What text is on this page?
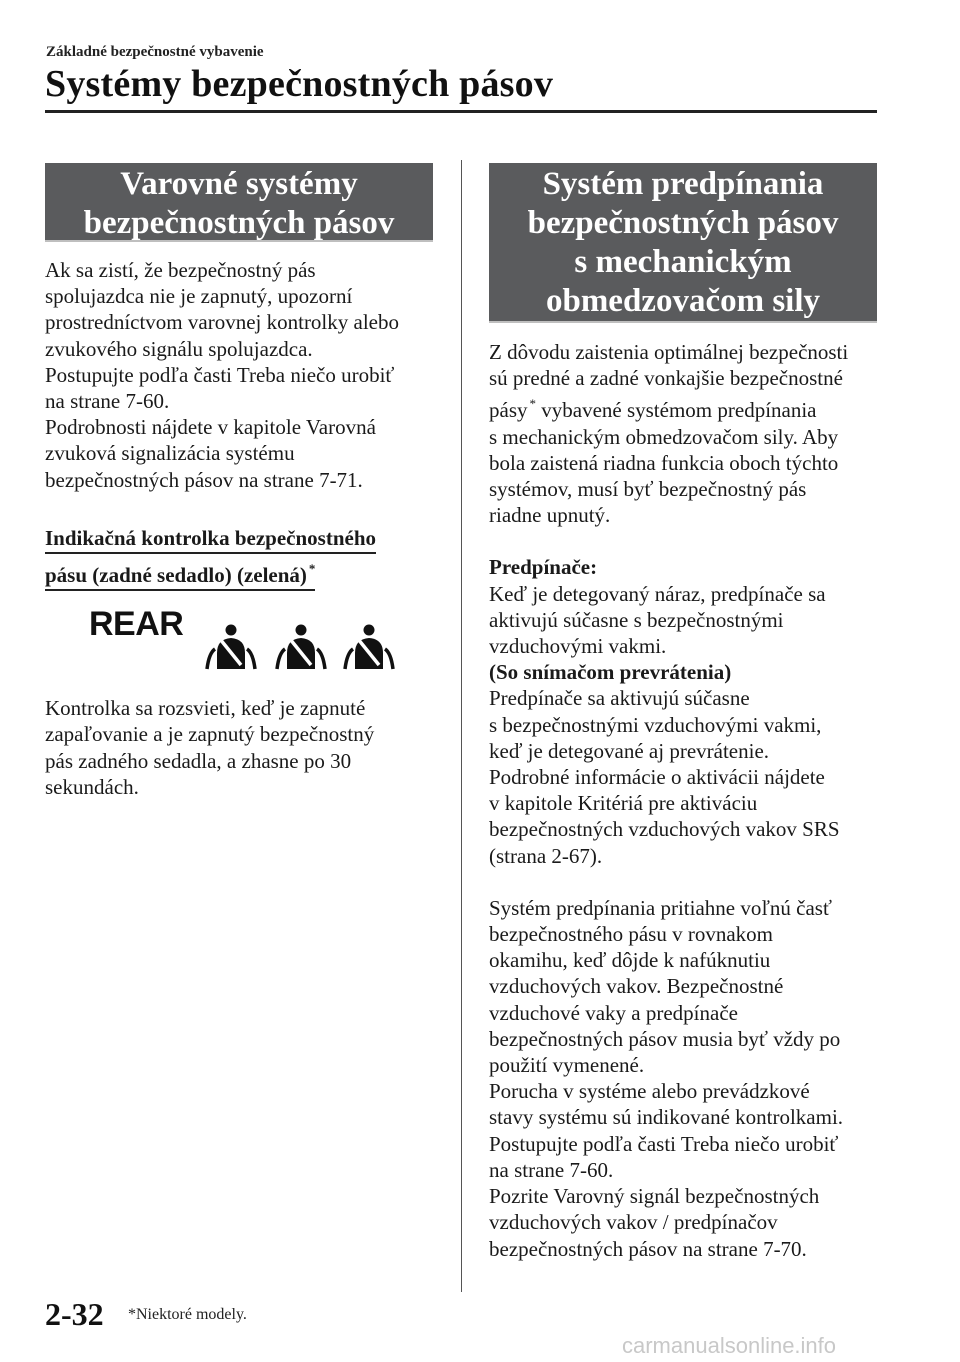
Základné bezpečnostné vybavenie
Systémy bezpečnostných pásov
Varovné systémy
bezpečnostných pásov

Ak sa zistí, že bezpečnostný pás
spolujazdca nie je zapnutý, upozorní
prostredníctvom varovnej kontrolky alebo
zvukového signálu spolujazdca.
Postupujte podľa časti Treba niečo urobiť
na strane 7-60.
Podrobnosti nájdete v kapitole Varovná
zvuková signalizácia systému
bezpečnostných pásov na strane 7-71.

Indikačná kontrolka bezpečnostného

pásu (zadné sedadlo) (zelená) *

REAR

Kontrolka sa rozsvieti, keď je zapnuté
zapaľovanie a je zapnutý bezpečnostný
pás zadného sedadla, a zhasne po 30
sekundách.

Systém predpínania
bezpečnostných pásov
s mechanickým
obmedzovačom sily

Z dôvodu zaistenia optimálnej bezpečnosti
sú predné a zadné vonkajšie bezpečnostné
pásy * vybavené systémom predpínania
s mechanickým obmedzovačom sily. Aby
bola zaistená riadna funkcia oboch týchto
systémov, musí byť bezpečnostný pás
riadne upnutý.

Predpínače:

Keď je detegovaný náraz, predpínače sa
aktivujú súčasne s bezpečnostnými
vzduchovými vakmi.

(So snímačom prevrátenia)

Predpínače sa aktivujú súčasne
s bezpečnostnými vzduchovými vakmi,
keď je detegované aj prevrátenie.
Podrobné informácie o aktivácii nájdete
v kapitole Kritériá pre aktiváciu
bezpečnostných vzduchových vakov SRS
(strana 2-67).

Systém predpínania pritiahne voľnú časť
bezpečnostného pásu v rovnakom
okamihu, keď dôjde k nafúknutiu
vzduchových vakov. Bezpečnostné
vzduchové vaky a predpínače
bezpečnostných pásov musia byť vždy po
použití vymenené.
Porucha v systéme alebo prevádzkové
stavy systému sú indikované kontrolkami.
Postupujte podľa časti Treba niečo urobiť
na strane 7-60.
Pozrite Varovný signál bezpečnostných
vzduchových vakov / predpínačov
bezpečnostných pásov na strane 7-70.

2-32 *Niektoré modely.
carmanualsonline.info
